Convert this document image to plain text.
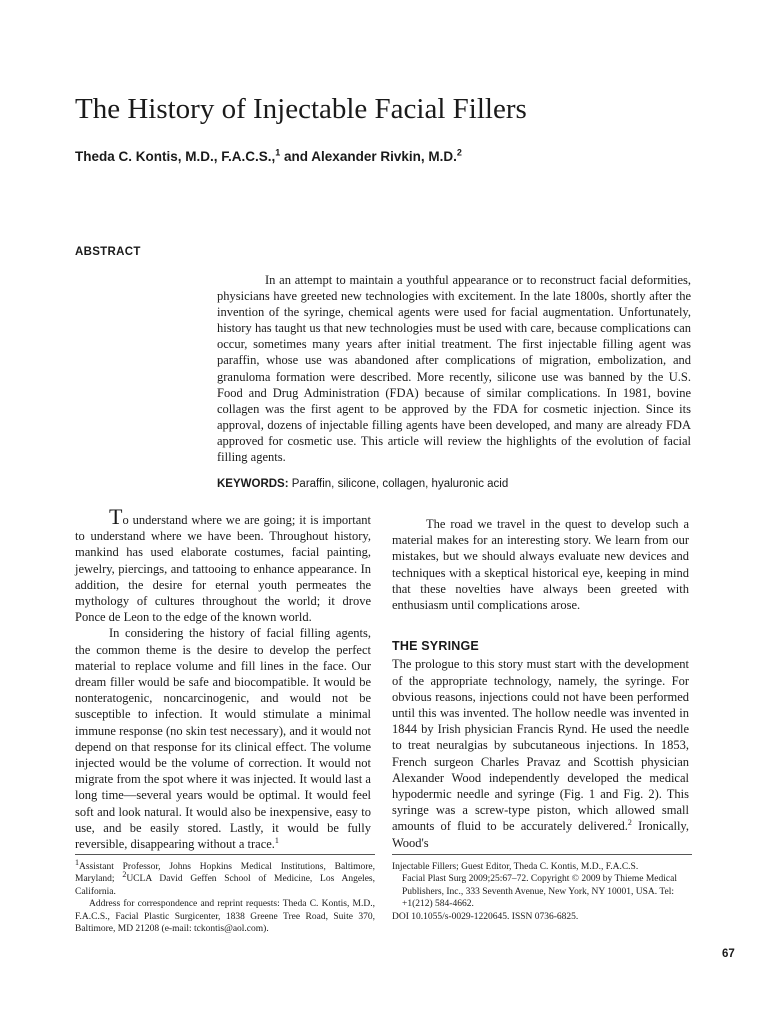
The History of Injectable Facial Fillers
Theda C. Kontis, M.D., F.A.C.S.,$^1$ and Alexander Rivkin, M.D.$^2$
ABSTRACT

In an attempt to maintain a youthful appearance or to reconstruct facial deformities, physicians have greeted new technologies with excitement. In the late 1800s, shortly after the invention of the syringe, chemical agents were used for facial augmentation. Unfortunately, history has taught us that new technologies must be used with care, because complications can occur, sometimes many years after initial treatment. The first injectable filling agent was paraffin, whose use was abandoned after complications of migration, embolization, and granuloma formation were described. More recently, silicone use was banned by the U.S. Food and Drug Administration (FDA) because of similar complications. In 1981, bovine collagen was the first agent to be approved by the FDA for cosmetic injection. Since its approval, dozens of injectable filling agents have been developed, and many are already FDA approved for cosmetic use. This article will review the highlights of the evolution of facial filling agents.

KEYWORDS: Paraffin, silicone, collagen, hyaluronic acid

To understand where we are going; it is important to understand where we have been. Throughout history, mankind has used elaborate costumes, facial painting, jewelry, piercings, and tattooing to enhance appearance. In addition, the desire for eternal youth permeates the mythology of cultures throughout the world; it drove Ponce de Leon to the edge of the known world.

In considering the history of facial filling agents, the common theme is the desire to develop the perfect material to replace volume and fill lines in the face. Our dream filler would be safe and biocompatible. It would be nonteratogenic, noncarcinogenic, and would not be susceptible to infection. It would stimulate a minimal immune response (no skin test necessary), and it would not depend on that response for its clinical effect. The volume injected would be the volume of correction. It would not migrate from the spot where it was injected. It would last a long time—several years would be optimal. It would feel soft and look natural. It would also be inexpensive, easy to use, and be easily stored. Lastly, it would be fully reversible, disappearing without a trace.$^1$

The road we travel in the quest to develop such a material makes for an interesting story. We learn from our mistakes, but we should always evaluate new devices and techniques with a skeptical historical eye, keeping in mind that these novelties have always been greeted with enthusiasm until complications arose.

THE SYRINGE

The prologue to this story must start with the development of the appropriate technology, namely, the syringe. For obvious reasons, injections could not have been performed until this was invented. The hollow needle was invented in 1844 by Irish physician Francis Rynd. He used the needle to treat neuralgias by subcutaneous injections. In 1853, French surgeon Charles Pravaz and Scottish physician Alexander Wood independently developed the medical hypodermic needle and syringe (Fig. 1 and Fig. 2). This syringe was a screw-type piston, which allowed small amounts of fluid to be accurately delivered.$^2$ Ironically, Wood's

$^1$Assistant Professor, Johns Hopkins Medical Institutions, Baltimore, Maryland; $^2$UCLA David Geffen School of Medicine, Los Angeles, California.

Address for correspondence and reprint requests: Theda C. Kontis, M.D., F.A.C.S., Facial Plastic Surgicenter, 1838 Greene Tree Road, Suite 370, Baltimore, MD 21208 (e-mail: tckontis@aol.com).

Injectable Fillers; Guest Editor, Theda C. Kontis, M.D., F.A.C.S.

Facial Plast Surg 2009;25:67–72. Copyright © 2009 by Thieme Medical Publishers, Inc., 333 Seventh Avenue, New York, NY 10001, USA. Tel: +1(212) 584-4662.

DOI 10.1055/s-0029-1220645. ISSN 0736-6825.

67
